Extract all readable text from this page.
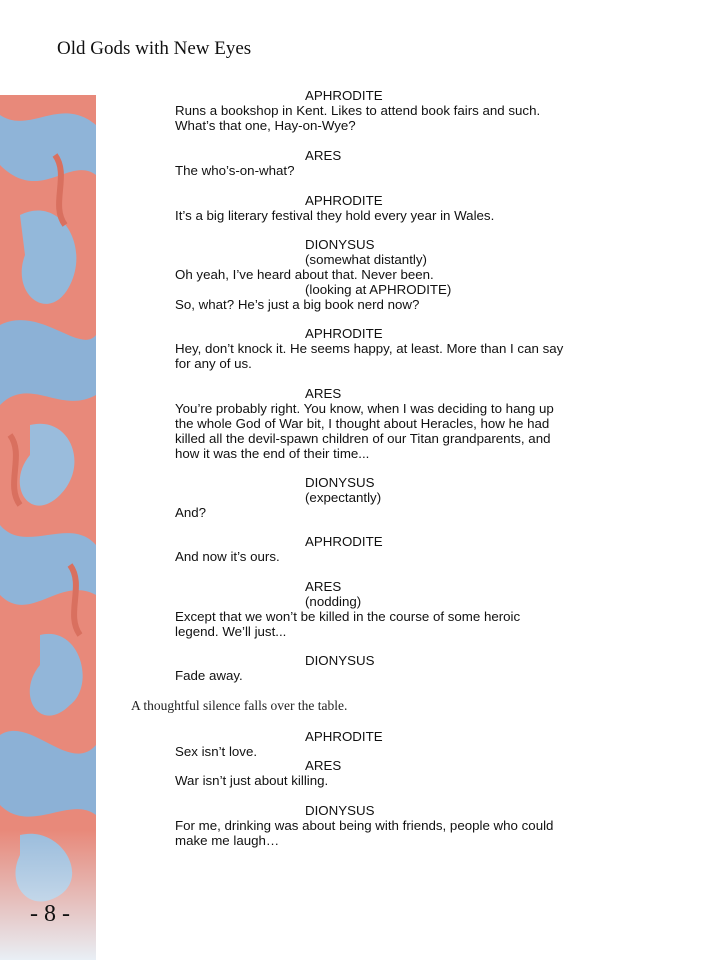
Old Gods with New Eyes
- 8 -
APHRODITE
Runs a bookshop in Kent. Likes to attend book fairs and such.
What’s that one, Hay-on-Wye?
ARES
The who’s-on-what?
APHRODITE
It’s a big literary festival they hold every year in Wales.
DIONYSUS
(somewhat distantly)
Oh yeah, I’ve heard about that. Never been.
(looking at APHRODITE)
So, what? He’s just a big book nerd now?
APHRODITE
Hey, don’t knock it. He seems happy, at least. More than I can say
for any of us.
ARES
You’re probably right. You know, when I was deciding to hang up
the whole God of War bit, I thought about Heracles, how he had
killed all the devil-spawn children of our Titan grandparents, and
how it was the end of their time...
DIONYSUS
(expectantly)
And?
APHRODITE
And now it’s ours.
ARES
(nodding)
Except that we won’t be killed in the course of some heroic
legend. We’ll just...
DIONYSUS
Fade away.
A thoughtful silence falls over the table.
APHRODITE
Sex isn’t love.
ARES
War isn’t just about killing.
DIONYSUS
For me, drinking was about being with friends, people who could
make me laugh…
